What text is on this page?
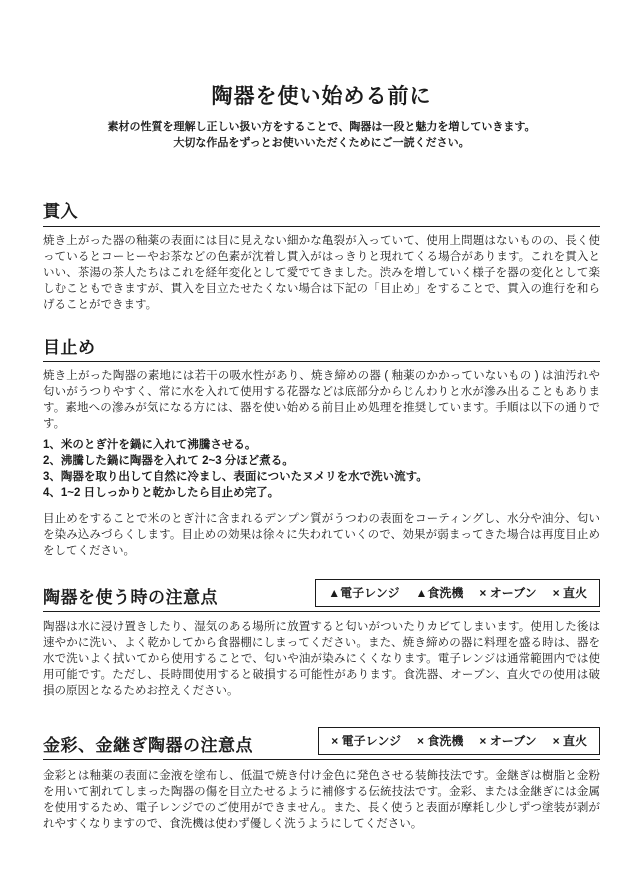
陶器を使い始める前に
素材の性質を理解し正しい扱い方をすることで、陶器は一段と魅力を増していきます。
大切な作品をずっとお使いいただくためにご一読ください。
貫入

焼き上がった器の釉薬の表面には目に見えない細かな亀裂が入っていて、使用上問題はないものの、長く使っているとコーヒーやお茶などの色素が沈着し貫入がはっきりと現れてくる場合があります。これを貫入といい、茶湯の茶人たちはこれを経年変化として愛でてきました。渋みを増していく様子を器の変化として楽しむこともできますが、貫入を目立たせたくない場合は下記の「目止め」をすることで、貫入の進行を和らげることができます。

目止め

焼き上がった陶器の素地には若干の吸水性があり、焼き締めの器 ( 釉薬のかかっていないもの ) は油汚れや匂いがうつりやすく、常に水を入れて使用する花器などは底部分からじんわりと水が滲み出ることもあります。素地への滲みが気になる方には、器を使い始める前目止め処理を推奨しています。手順は以下の通りです。

1、米のとぎ汁を鍋に入れて沸騰させる。
2、沸騰した鍋に陶器を入れて 2~3 分ほど煮る。
3、陶器を取り出して自然に冷まし、表面についたヌメリを水で洗い流す。
4、1~2 日しっかりと乾かしたら目止め完了。

目止めをすることで米のとぎ汁に含まれるデンプン質がうつわの表面をコーティングし、水分や油分、匂いを染み込みづらくします。目止めの効果は徐々に失われていくので、効果が弱まってきた場合は再度目止めをしてください。

陶器を使う時の注意点	▲電子レンジ ▲食洗機 × オーブン × 直火

陶器は水に浸け置きしたり、湿気のある場所に放置すると匂いがついたりカビてしまいます。使用した後は速やかに洗い、よく乾かしてから食器棚にしまってください。また、焼き締めの器に料理を盛る時は、器を水で洗いよく拭いてから使用することで、匂いや油が染みにくくなります。電子レンジは通常範囲内では使用可能です。ただし、長時間使用すると破損する可能性があります。食洗器、オーブン、直火での使用は破損の原因となるためお控えください。

金彩、金継ぎ陶器の注意点	× 電子レンジ × 食洗機 × オーブン × 直火

金彩とは釉薬の表面に金液を塗布し、低温で焼き付け金色に発色させる装飾技法です。金継ぎは樹脂と金粉を用いて割れてしまった陶器の傷を目立たせるように補修する伝統技法です。金彩、または金継ぎには金属を使用するため、電子レンジでのご使用ができません。また、長く使うと表面が摩耗し少しずつ塗装が剥がれやすくなりますので、食洗機は使わず優しく洗うようにしてください。
